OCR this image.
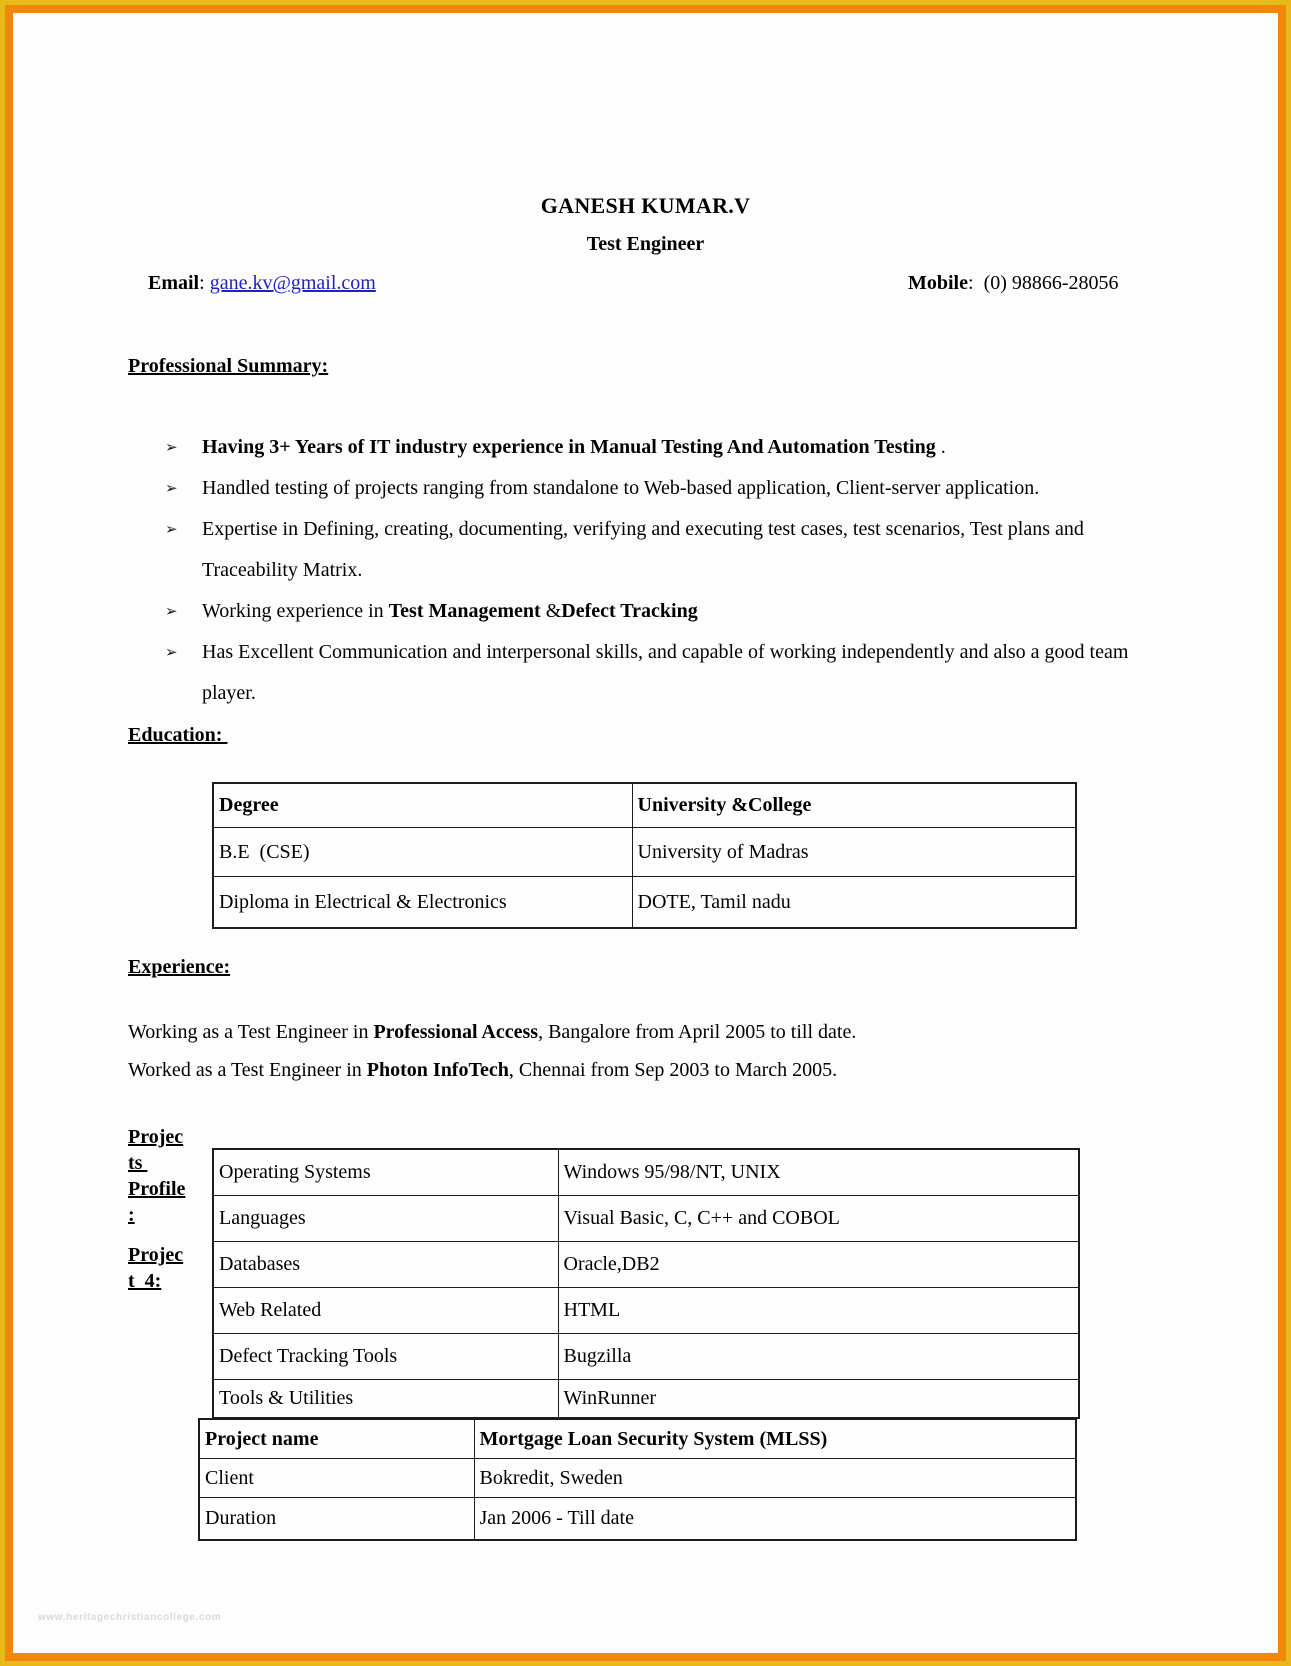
GANESH KUMAR.V
Test Engineer
Email: gane.kv@gmail.com	Mobile:  (0) 98866-28056
Professional Summary:
➢ Having 3+ Years of IT industry experience in Manual Testing And Automation Testing .
➢ Handled testing of projects ranging from standalone to Web-based application, Client-server application.
➢ Expertise in Defining, creating, documenting, verifying and executing test cases, test scenarios, Test plans and Traceability Matrix.
➢ Working experience in Test Management &Defect Tracking
➢ Has Excellent Communication and interpersonal skills, and capable of working independently and also a good team player.
Education:
Degree	University &College
B.E  (CSE)	University of Madras
Diploma in Electrical & Electronics	DOTE, Tamil nadu
Experience:
Working as a Test Engineer in Professional Access, Bangalore from April 2005 to till date.
Worked as a Test Engineer in Photon InfoTech, Chennai from Sep 2003 to March 2005.
Projec
ts
Profile
:
Projec
t  4:
Operating Systems	Windows 95/98/NT, UNIX
Languages	Visual Basic, C, C++ and COBOL
Databases	Oracle,DB2
Web Related	HTML
Defect Tracking Tools	Bugzilla
Tools & Utilities	WinRunner
Project name	Mortgage Loan Security System (MLSS)
Client	Bokredit, Sweden
Duration	Jan 2006 - Till date
www.heritagechristiancollege.com
